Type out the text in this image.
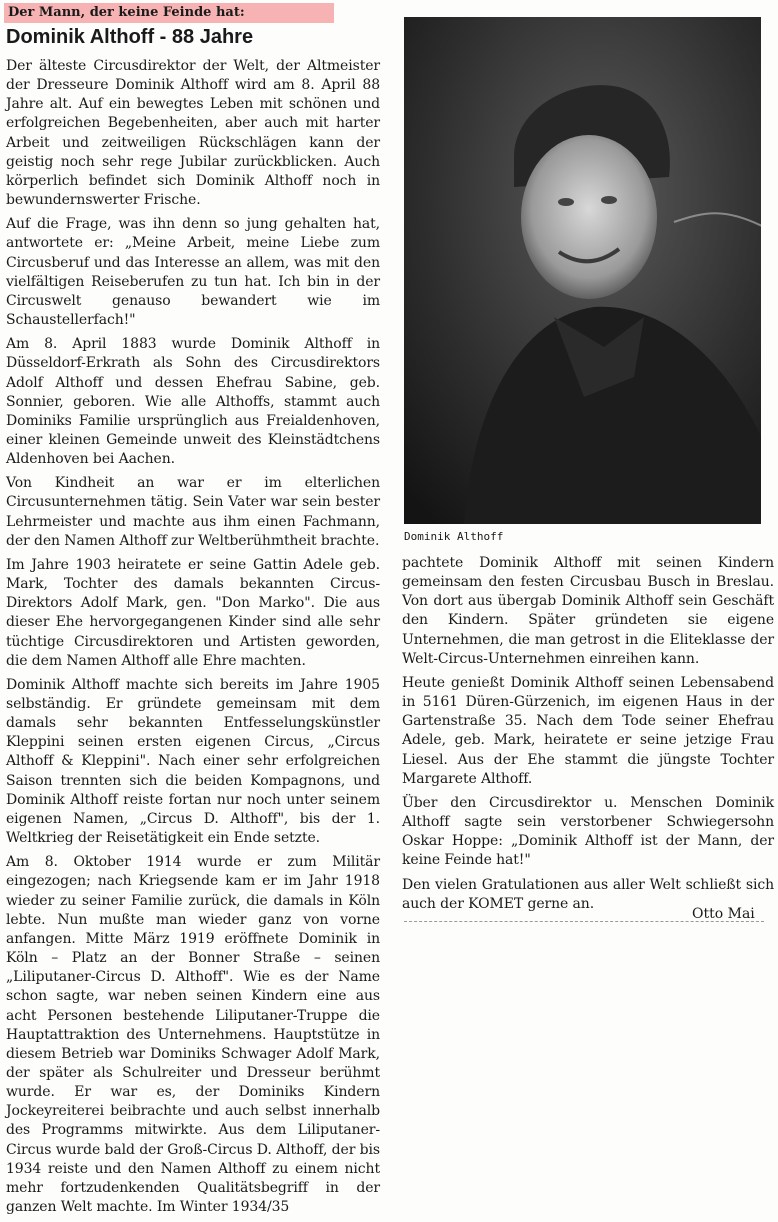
Der Mann, der keine Feinde hat:
Dominik Althoff - 88 Jahre

Der älteste Circusdirektor der Welt, der Altmeister der Dresseure Dominik Althoff wird am 8. April 88 Jahre alt. Auf ein bewegtes Leben mit schönen und erfolgreichen Begebenheiten, aber auch mit harter Arbeit und zeitweiligen Rückschlägen kann der geistig noch sehr rege Jubilar zurückblicken. Auch körperlich befindet sich Dominik Althoff noch in bewundernswerter Frische.

Auf die Frage, was ihn denn so jung gehalten hat, antwortete er: „Meine Arbeit, meine Liebe zum Circusberuf und das Interesse an allem, was mit den vielfältigen Reiseberufen zu tun hat. Ich bin in der Circuswelt genauso bewandert wie im Schaustellerfach!"

Am 8. April 1883 wurde Dominik Althoff in Düsseldorf-Erkrath als Sohn des Circusdirektors Adolf Althoff und dessen Ehefrau Sabine, geb. Sonnier, geboren. Wie alle Althoffs, stammt auch Dominiks Familie ursprünglich aus Freialdenhoven, einer kleinen Gemeinde unweit des Kleinstädtchens Aldenhoven bei Aachen.

Von Kindheit an war er im elterlichen Circusunternehmen tätig. Sein Vater war sein bester Lehrmeister und machte aus ihm einen Fachmann, der den Namen Althoff zur Weltberühmtheit brachte.

Im Jahre 1903 heiratete er seine Gattin Adele geb. Mark, Tochter des damals bekannten Circus-Direktors Adolf Mark, gen. "Don Marko". Die aus dieser Ehe hervorgegangenen Kinder sind alle sehr tüchtige Circusdirektoren und Artisten geworden, die dem Namen Althoff alle Ehre machten.

Dominik Althoff machte sich bereits im Jahre 1905 selbständig. Er gründete gemeinsam mit dem damals sehr bekannten Entfesselungskünstler Kleppini seinen ersten eigenen Circus, „Circus Althoff & Kleppini". Nach einer sehr erfolgreichen Saison trennten sich die beiden Kompagnons, und Dominik Althoff reiste fortan nur noch unter seinem eigenen Namen, „Circus D. Althoff", bis der 1. Weltkrieg der Reisetätigkeit ein Ende setzte.

Am 8. Oktober 1914 wurde er zum Militär eingezogen; nach Kriegsende kam er im Jahr 1918 wieder zu seiner Familie zurück, die damals in Köln lebte. Nun mußte man wieder ganz von vorne anfangen. Mitte März 1919 eröffnete Dominik in Köln – Platz an der Bonner Straße – seinen „Liliputaner-Circus D. Althoff". Wie es der Name schon sagte, war neben seinen Kindern eine aus acht Personen bestehende Liliputaner-Truppe die Hauptattraktion des Unternehmens. Hauptstütze in diesem Betrieb war Dominiks Schwager Adolf Mark, der später als Schulreiter und Dresseur berühmt wurde. Er war es, der Dominiks Kindern Jockeyreiterei beibrachte und auch selbst innerhalb des Programms mitwirkte. Aus dem Liliputaner-Circus wurde bald der Groß-Circus D. Althoff, der bis 1934 reiste und den Namen Althoff zu einem nicht mehr fortzudenkenden Qualitätsbegriff in der ganzen Welt machte. Im Winter 1934/35

Dominik Althoff

pachtete Dominik Althoff mit seinen Kindern gemeinsam den festen Circusbau Busch in Breslau. Von dort aus übergab Dominik Althoff sein Geschäft den Kindern. Später gründeten sie eigene Unternehmen, die man getrost in die Eliteklasse der Welt-Circus-Unternehmen einreihen kann.

Heute genießt Dominik Althoff seinen Lebensabend in 5161 Düren-Gürzenich, im eigenen Haus in der Gartenstraße 35. Nach dem Tode seiner Ehefrau Adele, geb. Mark, heiratete er seine jetzige Frau Liesel. Aus der Ehe stammt die jüngste Tochter Margarete Althoff.

Über den Circusdirektor u. Menschen Dominik Althoff sagte sein verstorbener Schwiegersohn Oskar Hoppe: „Dominik Althoff ist der Mann, der keine Feinde hat!"

Den vielen Gratulationen aus aller Welt schließt sich auch der KOMET gerne an.

Otto Mai
